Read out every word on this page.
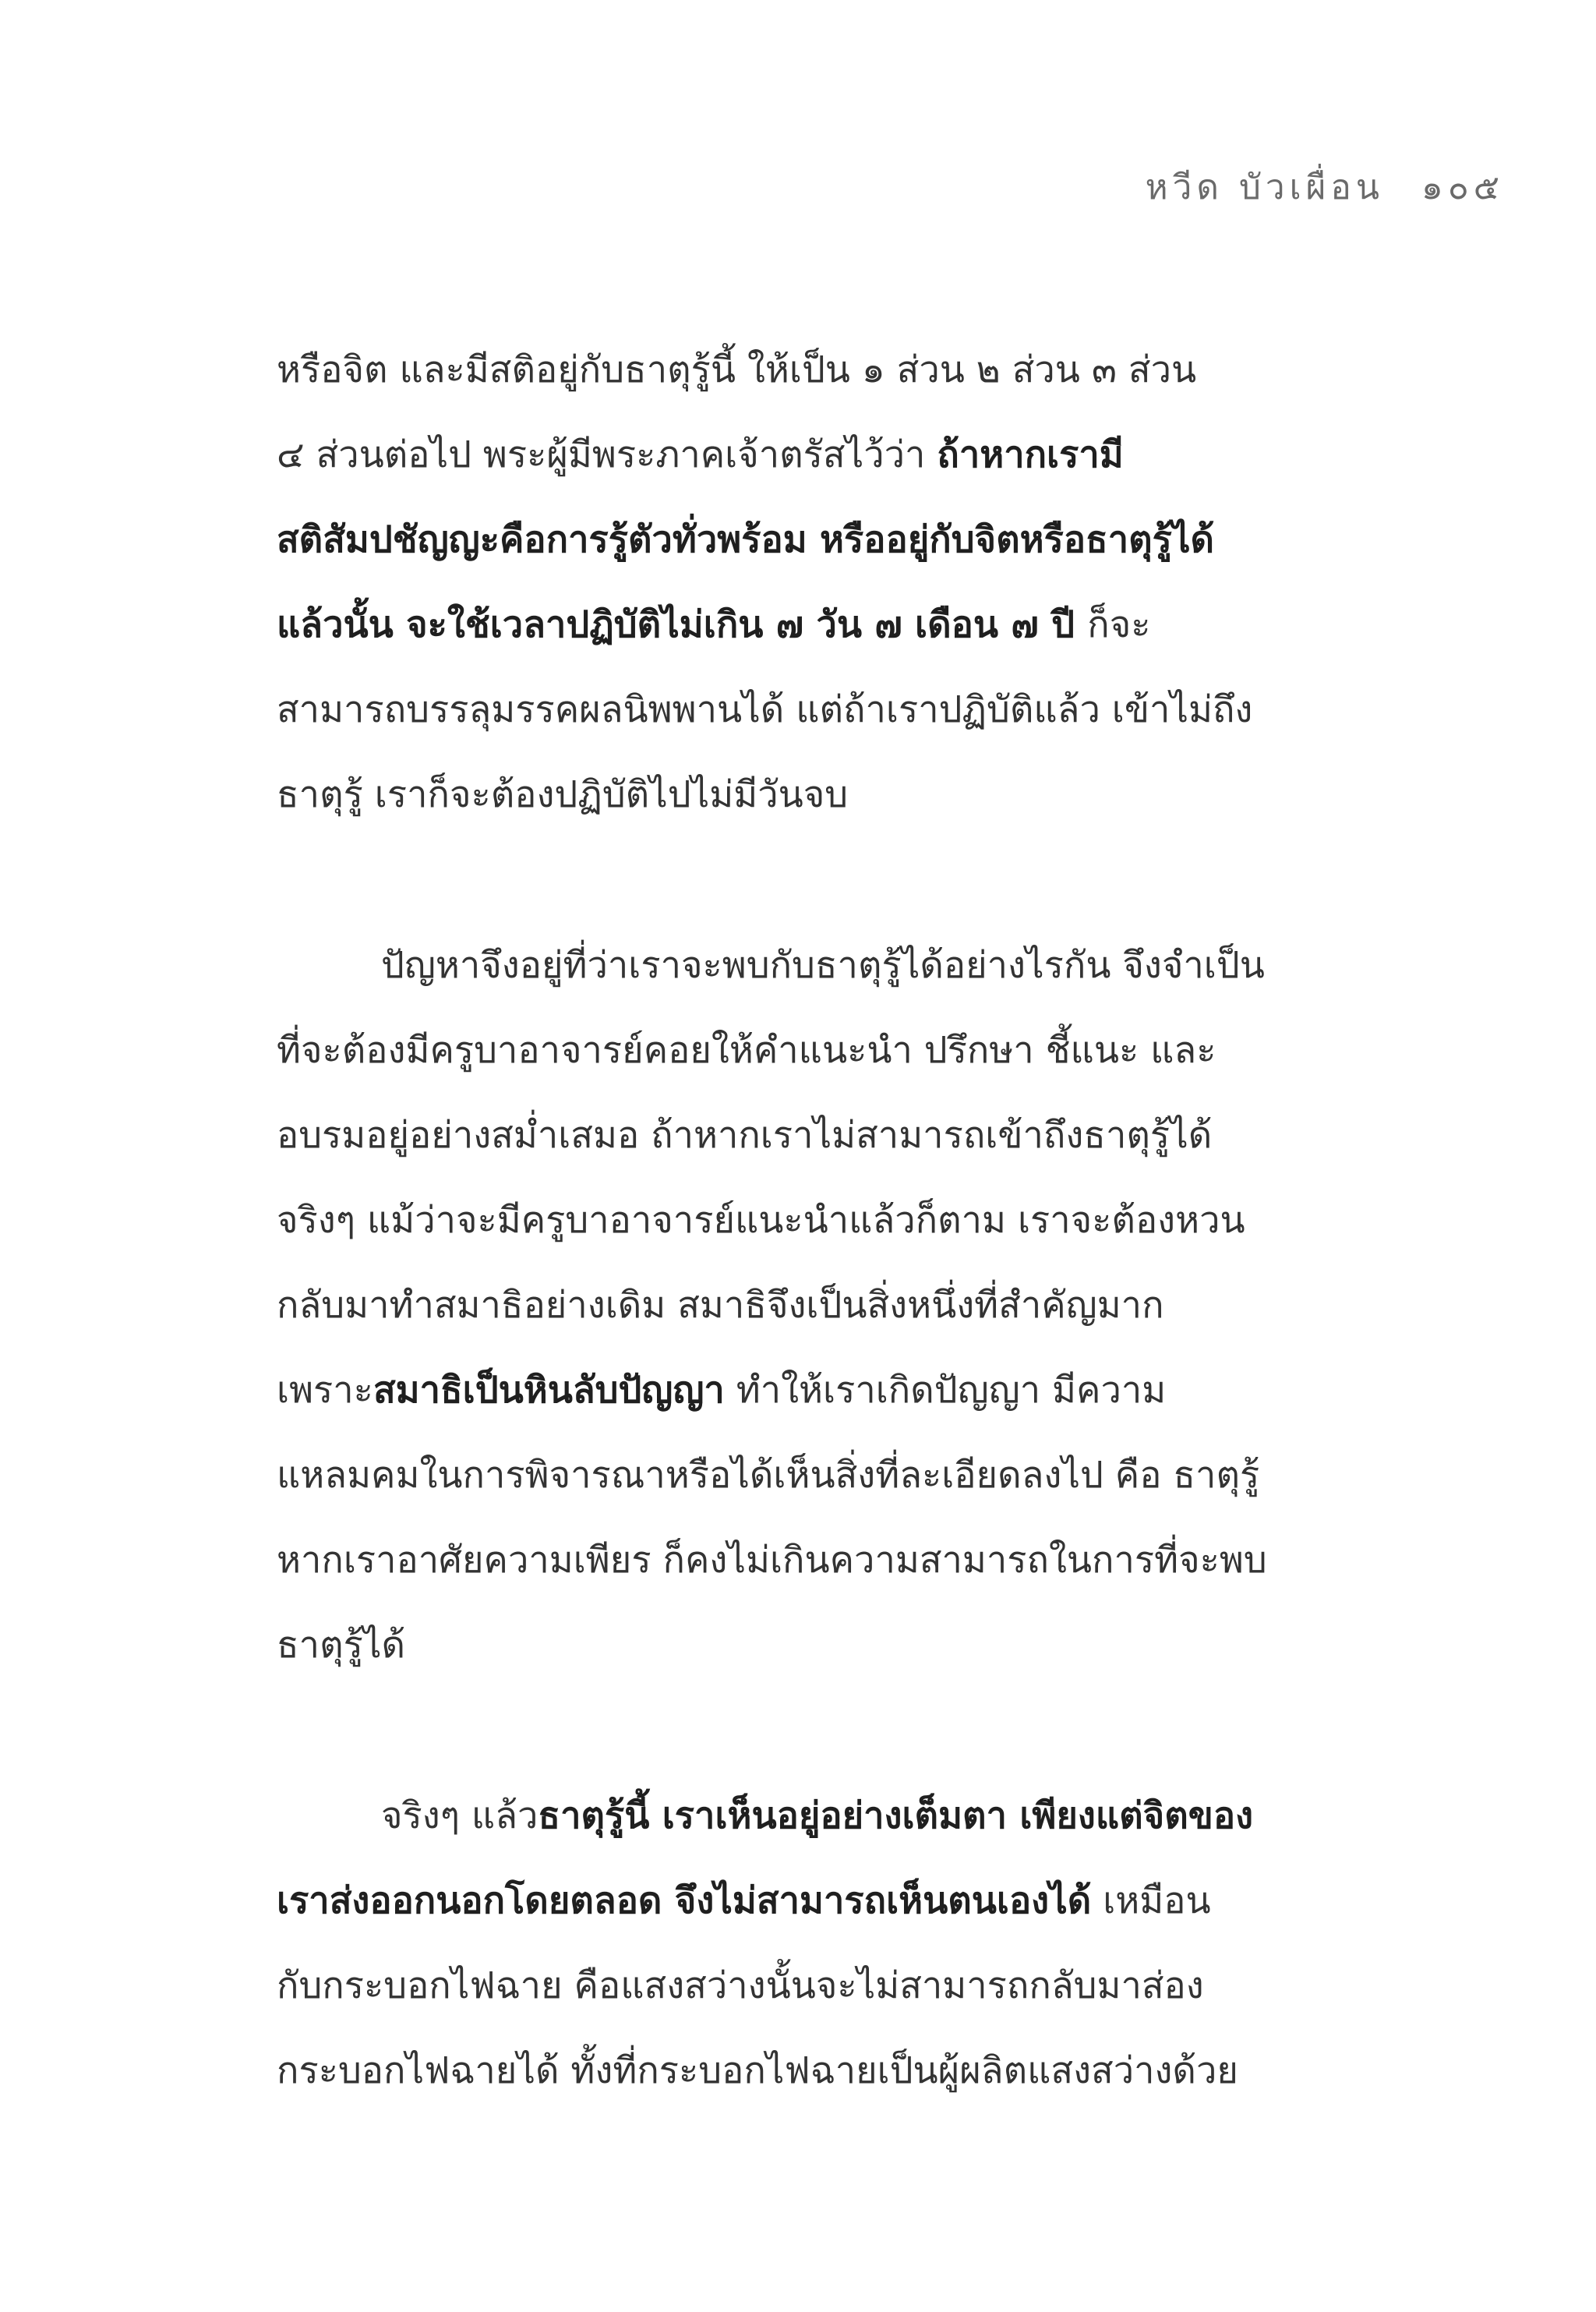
หวีด บัวเผื่อน ๑๐๕
หรือจิต และมีสติอยู่กับธาตุรู้นี้ ให้เป็น ๑ ส่วน ๒ ส่วน ๓ ส่วน
๔ ส่วนต่อไป พระผู้มีพระภาคเจ้าตรัสไว้ว่า ถ้าหากเรามี
สติสัมปชัญญะคือการรู้ตัวทั่วพร้อม หรืออยู่กับจิตหรือธาตุรู้ได้
แล้วนั้น จะใช้เวลาปฏิบัติไม่เกิน ๗ วัน ๗ เดือน ๗ ปี ก็จะ
สามารถบรรลุมรรคผลนิพพานได้ แต่ถ้าเราปฏิบัติแล้ว เข้าไม่ถึง
ธาตุรู้ เราก็จะต้องปฏิบัติไปไม่มีวันจบ
ปัญหาจึงอยู่ที่ว่าเราจะพบกับธาตุรู้ได้อย่างไรกัน จึงจำเป็น
ที่จะต้องมีครูบาอาจารย์คอยให้คำแนะนำ ปรึกษา ชี้แนะ และ
อบรมอยู่อย่างสม่ำเสมอ ถ้าหากเราไม่สามารถเข้าถึงธาตุรู้ได้
จริงๆ แม้ว่าจะมีครูบาอาจารย์แนะนำแล้วก็ตาม เราจะต้องหวน
กลับมาทำสมาธิอย่างเดิม สมาธิจึงเป็นสิ่งหนึ่งที่สำคัญมาก
เพราะสมาธิเป็นหินลับปัญญา ทำให้เราเกิดปัญญา มีความ
แหลมคมในการพิจารณาหรือได้เห็นสิ่งที่ละเอียดลงไป คือ ธาตุรู้
หากเราอาศัยความเพียร ก็คงไม่เกินความสามารถในการที่จะพบ
ธาตุรู้ได้
จริงๆ แล้วธาตุรู้นี้ เราเห็นอยู่อย่างเต็มตา เพียงแต่จิตของ
เราส่งออกนอกโดยตลอด จึงไม่สามารถเห็นตนเองได้ เหมือน
กับกระบอกไฟฉาย คือแสงสว่างนั้นจะไม่สามารถกลับมาส่อง
กระบอกไฟฉายได้ ทั้งที่กระบอกไฟฉายเป็นผู้ผลิตแสงสว่างด้วย
